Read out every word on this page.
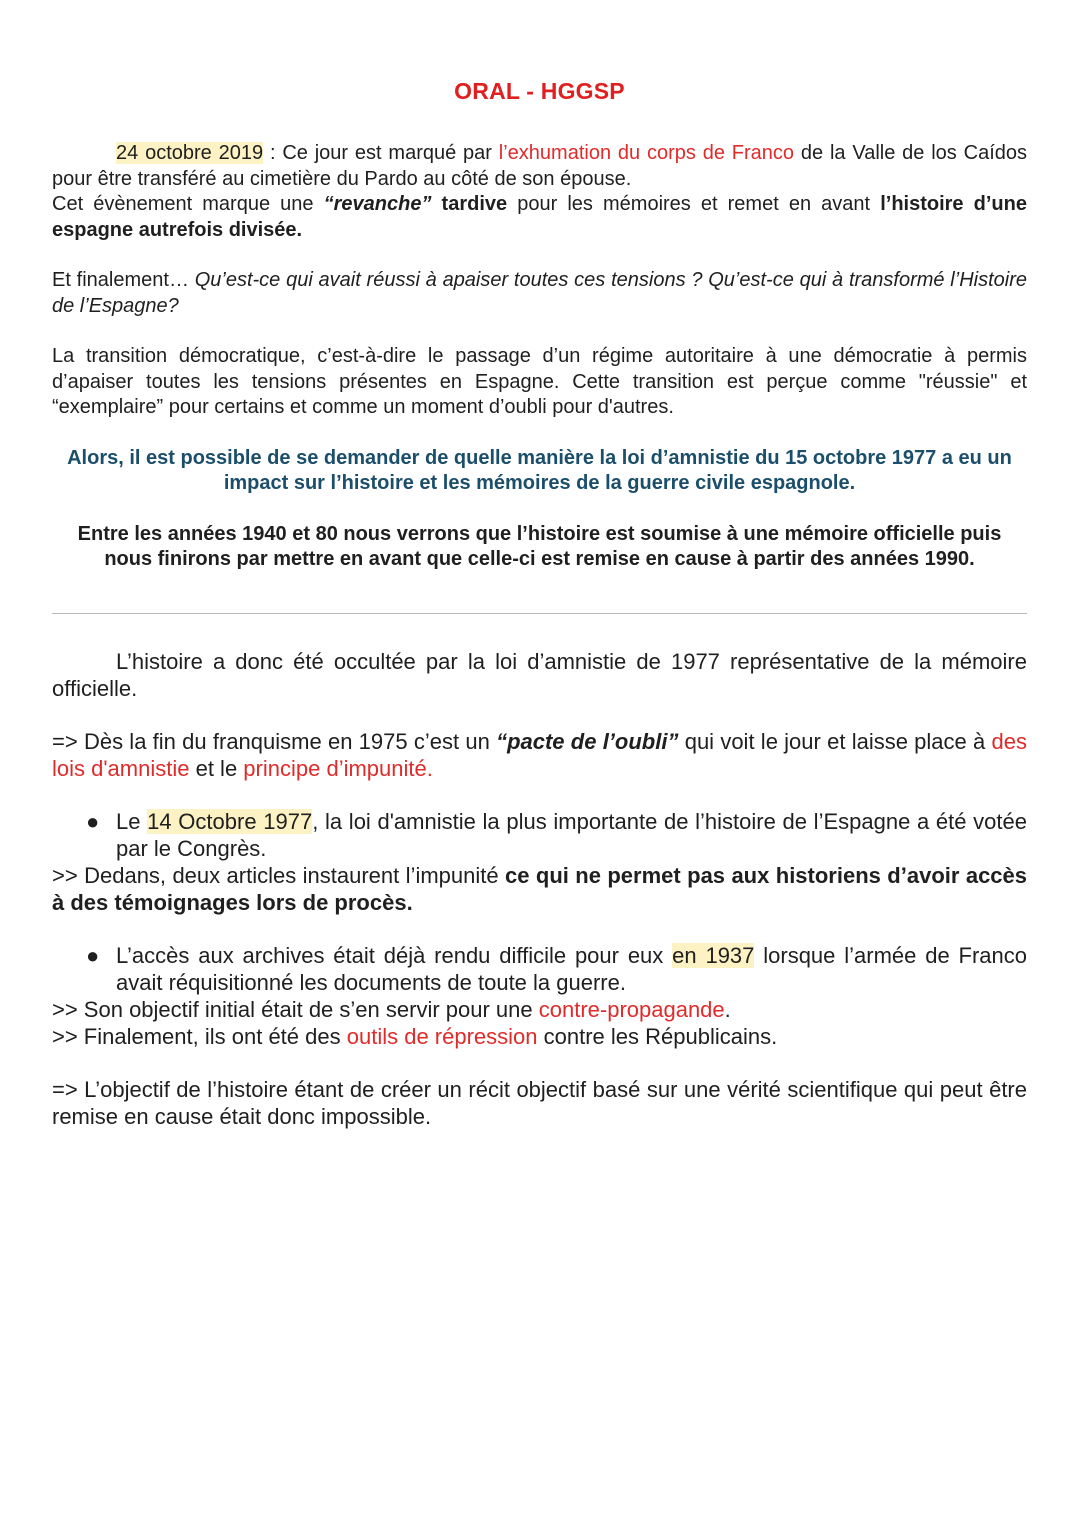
ORAL - HGGSP

24 octobre 2019 : Ce jour est marqué par l’exhumation du corps de Franco de la Valle de los Caídos pour être transféré au cimetière du Pardo au côté de son épouse.

Cet évènement marque une “revanche” tardive pour les mémoires et remet en avant l’histoire d’une espagne autrefois divisée.

Et finalement… Qu’est-ce qui avait réussi à apaiser toutes ces tensions ? Qu’est-ce qui à transformé l’Histoire de l’Espagne?

La transition démocratique, c’est-à-dire le passage d’un régime autoritaire à une démocratie à permis d’apaiser toutes les tensions présentes en Espagne. Cette transition est perçue comme "réussie" et “exemplaire” pour certains et comme un moment d’oubli pour d'autres.

Alors, il est possible de se demander de quelle manière la loi d’amnistie du 15 octobre 1977 a eu un impact sur l’histoire et les mémoires de la guerre civile espagnole.

Entre les années 1940 et 80 nous verrons que l’histoire est soumise à une mémoire officielle puis nous finirons par mettre en avant que celle-ci est remise en cause à partir des années 1990.

L’histoire a donc été occultée par la loi d’amnistie de 1977 représentative de la mémoire officielle.

=> Dès la fin du franquisme en 1975 c’est un “pacte de l’oubli” qui voit le jour et laisse place à des lois d'amnistie et le principe d’impunité.

● Le 14 Octobre 1977, la loi d'amnistie la plus importante de l’histoire de l’Espagne a été votée par le Congrès.

>> Dedans, deux articles instaurent l’impunité ce qui ne permet pas aux historiens d’avoir accès à des témoignages lors de procès.

● L’accès aux archives était déjà rendu difficile pour eux en 1937 lorsque l’armée de Franco avait réquisitionné les documents de toute la guerre.

>> Son objectif initial était de s’en servir pour une contre-propagande.

>> Finalement, ils ont été des outils de répression contre les Républicains.

=> L’objectif de l’histoire étant de créer un récit objectif basé sur une vérité scientifique qui peut être remise en cause était donc impossible.
